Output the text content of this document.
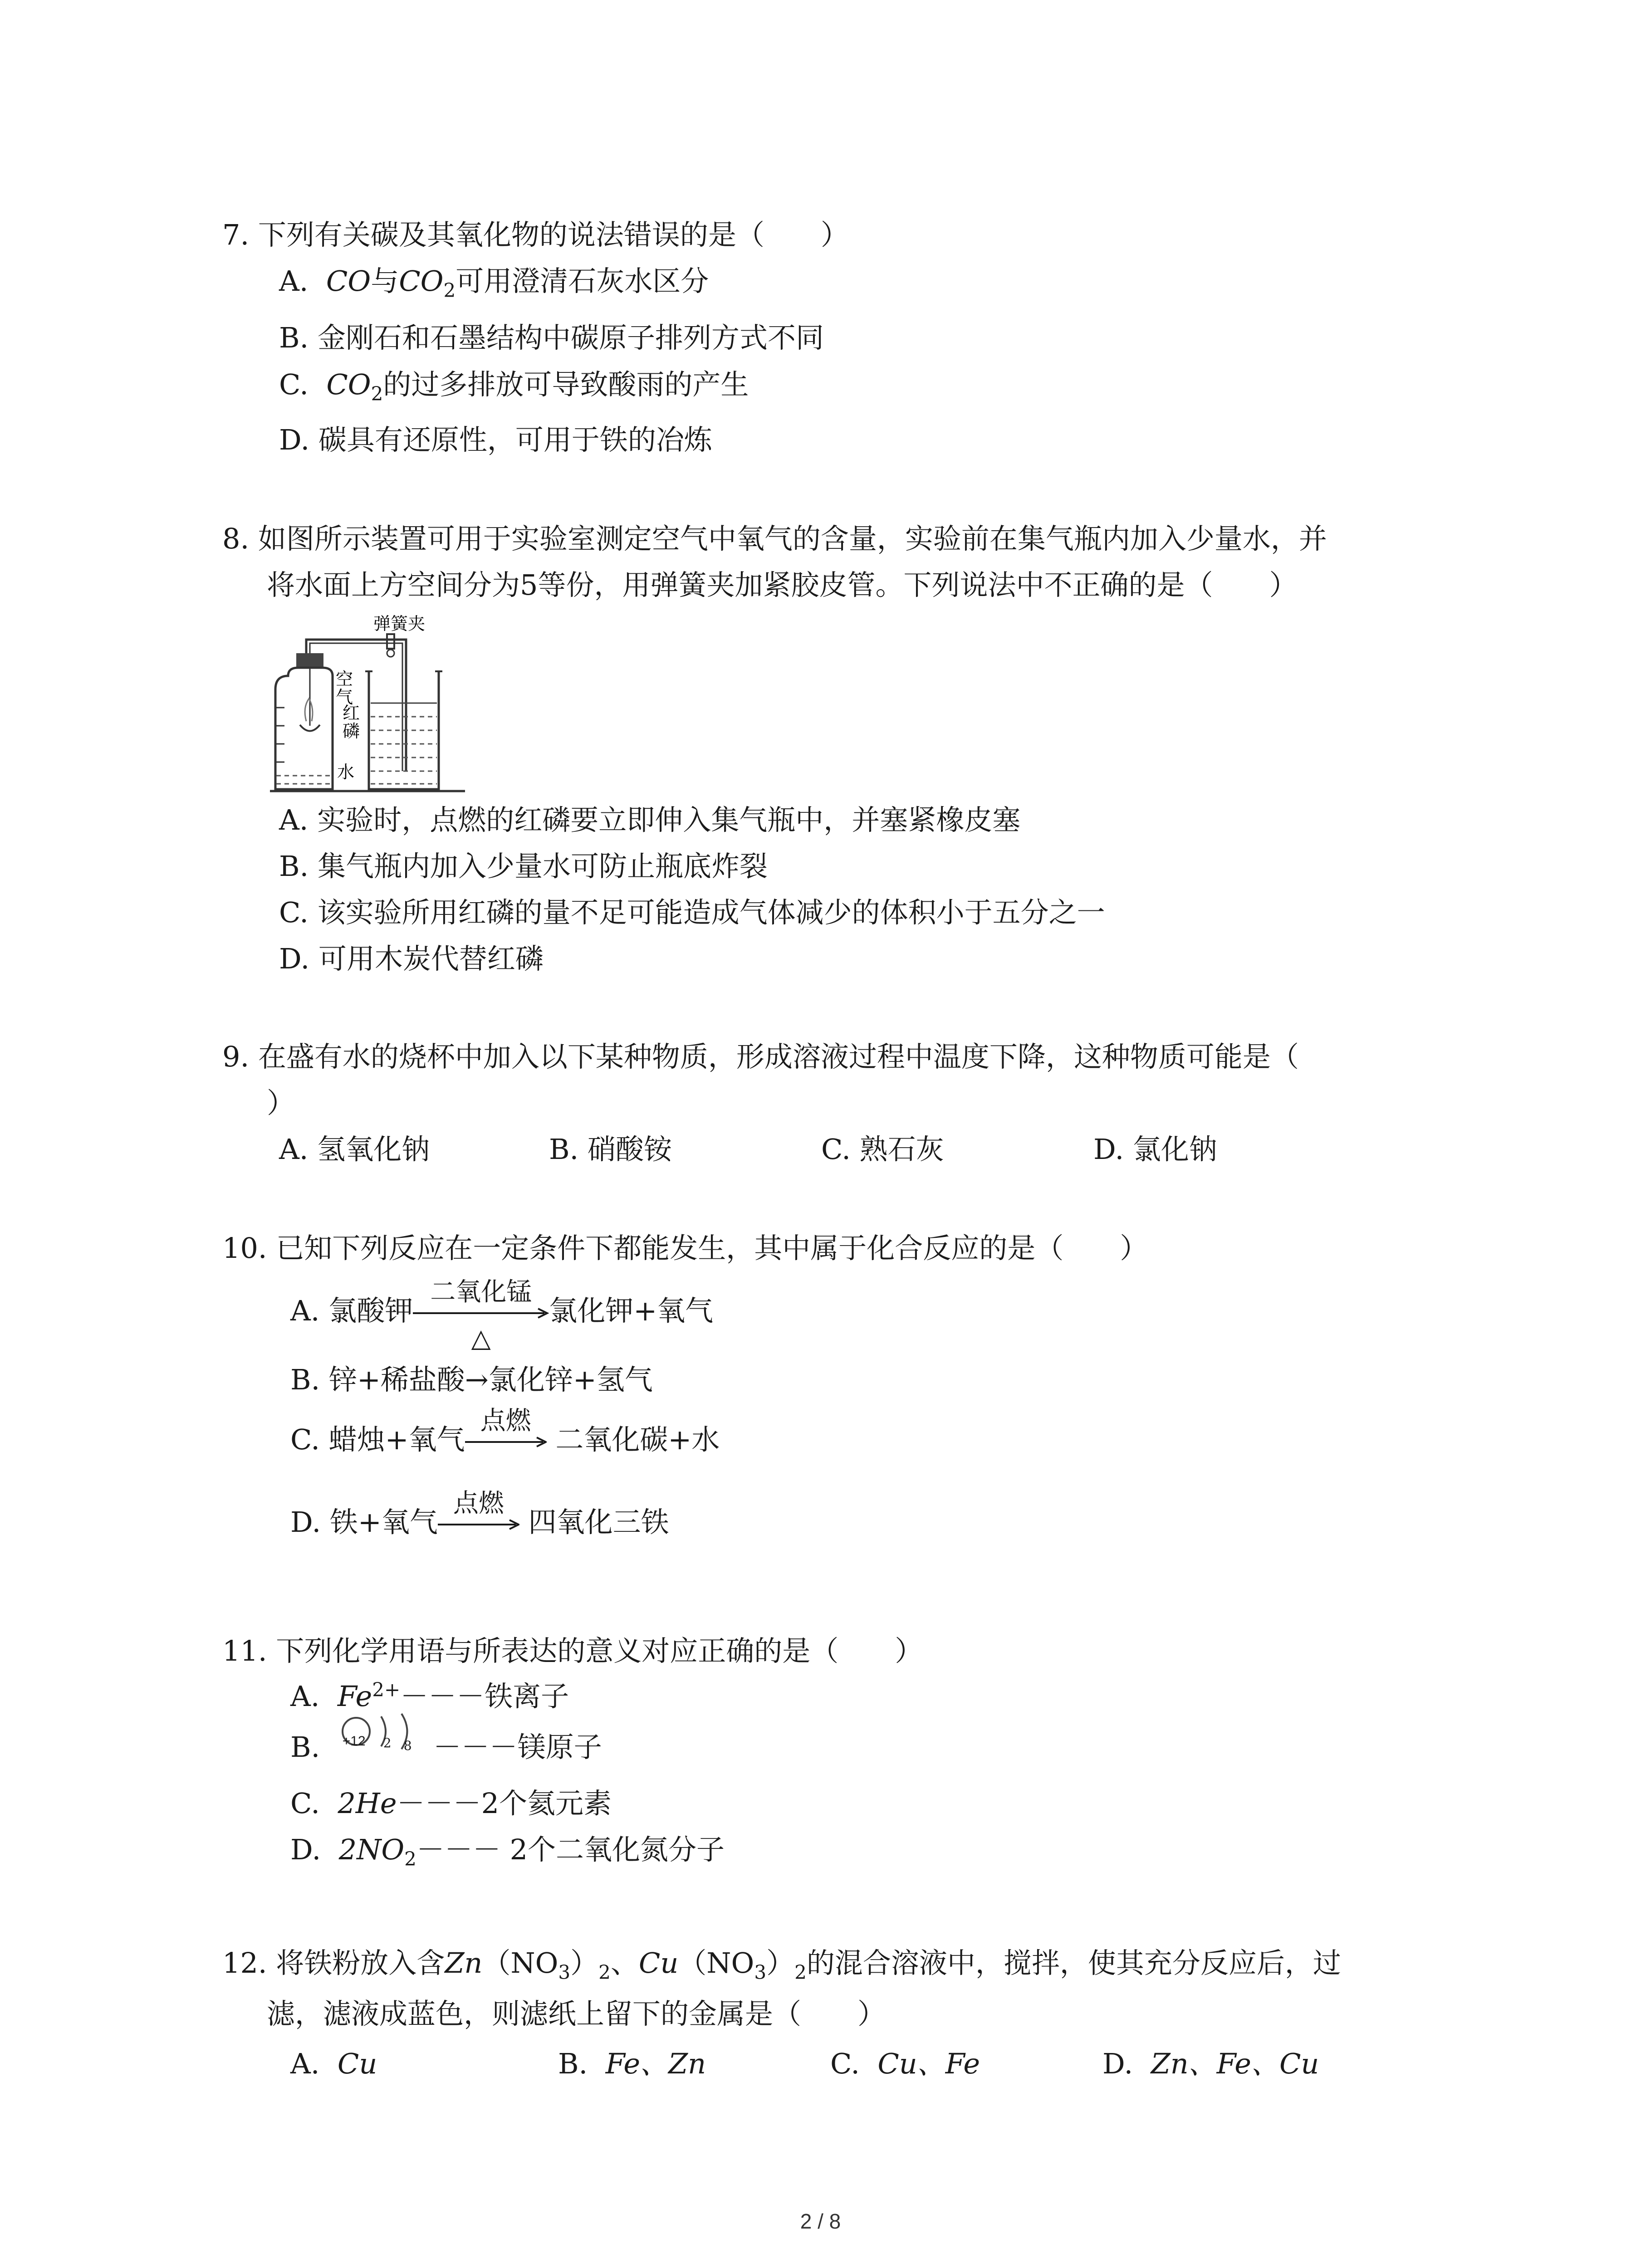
7. 下列有关碳及其氧化物的说法错误的是（　　）
A. CO与$CO_2$可用澄清石灰水区分
B. 金刚石和石墨结构中碳原子排列方式不同
C. $CO_2$的过多排放可导致酸雨的产生
D. 碳具有还原性，可用于铁的冶炼
8. 如图所示装置可用于实验室测定空气中氧气的含量，实验前在集气瓶内加入少量水，并
将水面上方空间分为5等份，用弹簧夹加紧胶皮管。下列说法中不正确的是（　　）
弹簧夹
空
气
红
磷
水
A. 实验时，点燃的红磷要立即伸入集气瓶中，并塞紧橡皮塞
B. 集气瓶内加入少量水可防止瓶底炸裂
C. 该实验所用红磷的量不足可能造成气体减少的体积小于五分之一
D. 可用木炭代替红磷
9. 在盛有水的烧杯中加入以下某种物质，形成溶液过程中温度下降，这种物质可能是（
）
A. 氢氧化钠	B. 硝酸铵	C. 熟石灰	D. 氯化钠
10. 已知下列反应在一定条件下都能发生，其中属于化合反应的是（　　）
A. 氯酸钾
二氧化锰
△
氯化钾+氧气
B. 锌+稀盐酸→氯化锌+氢气
C. 蜡烛+氧气
点燃
二氧化碳+水
D. 铁+氧气
点燃
四氧化三铁
11. 下列化学用语与所表达的意义对应正确的是（　　）
A. $Fe^{2+}---$铁离子
B. +12 2 8 －－－镁原子
C. 2He－－－2个氦元素
D. $2NO_2--- 2$个二氧化氮分子
12. 将铁粉放入含$Zn(NO_3)_2$、$Cu(NO_3)_2$的混合溶液中，搅拌，使其充分反应后，过
滤，滤液成蓝色，则滤纸上留下的金属是（　　）
A. Cu	B. Fe、Zn	C. Cu、Fe	D. Zn、Fe、Cu
2 / 8
